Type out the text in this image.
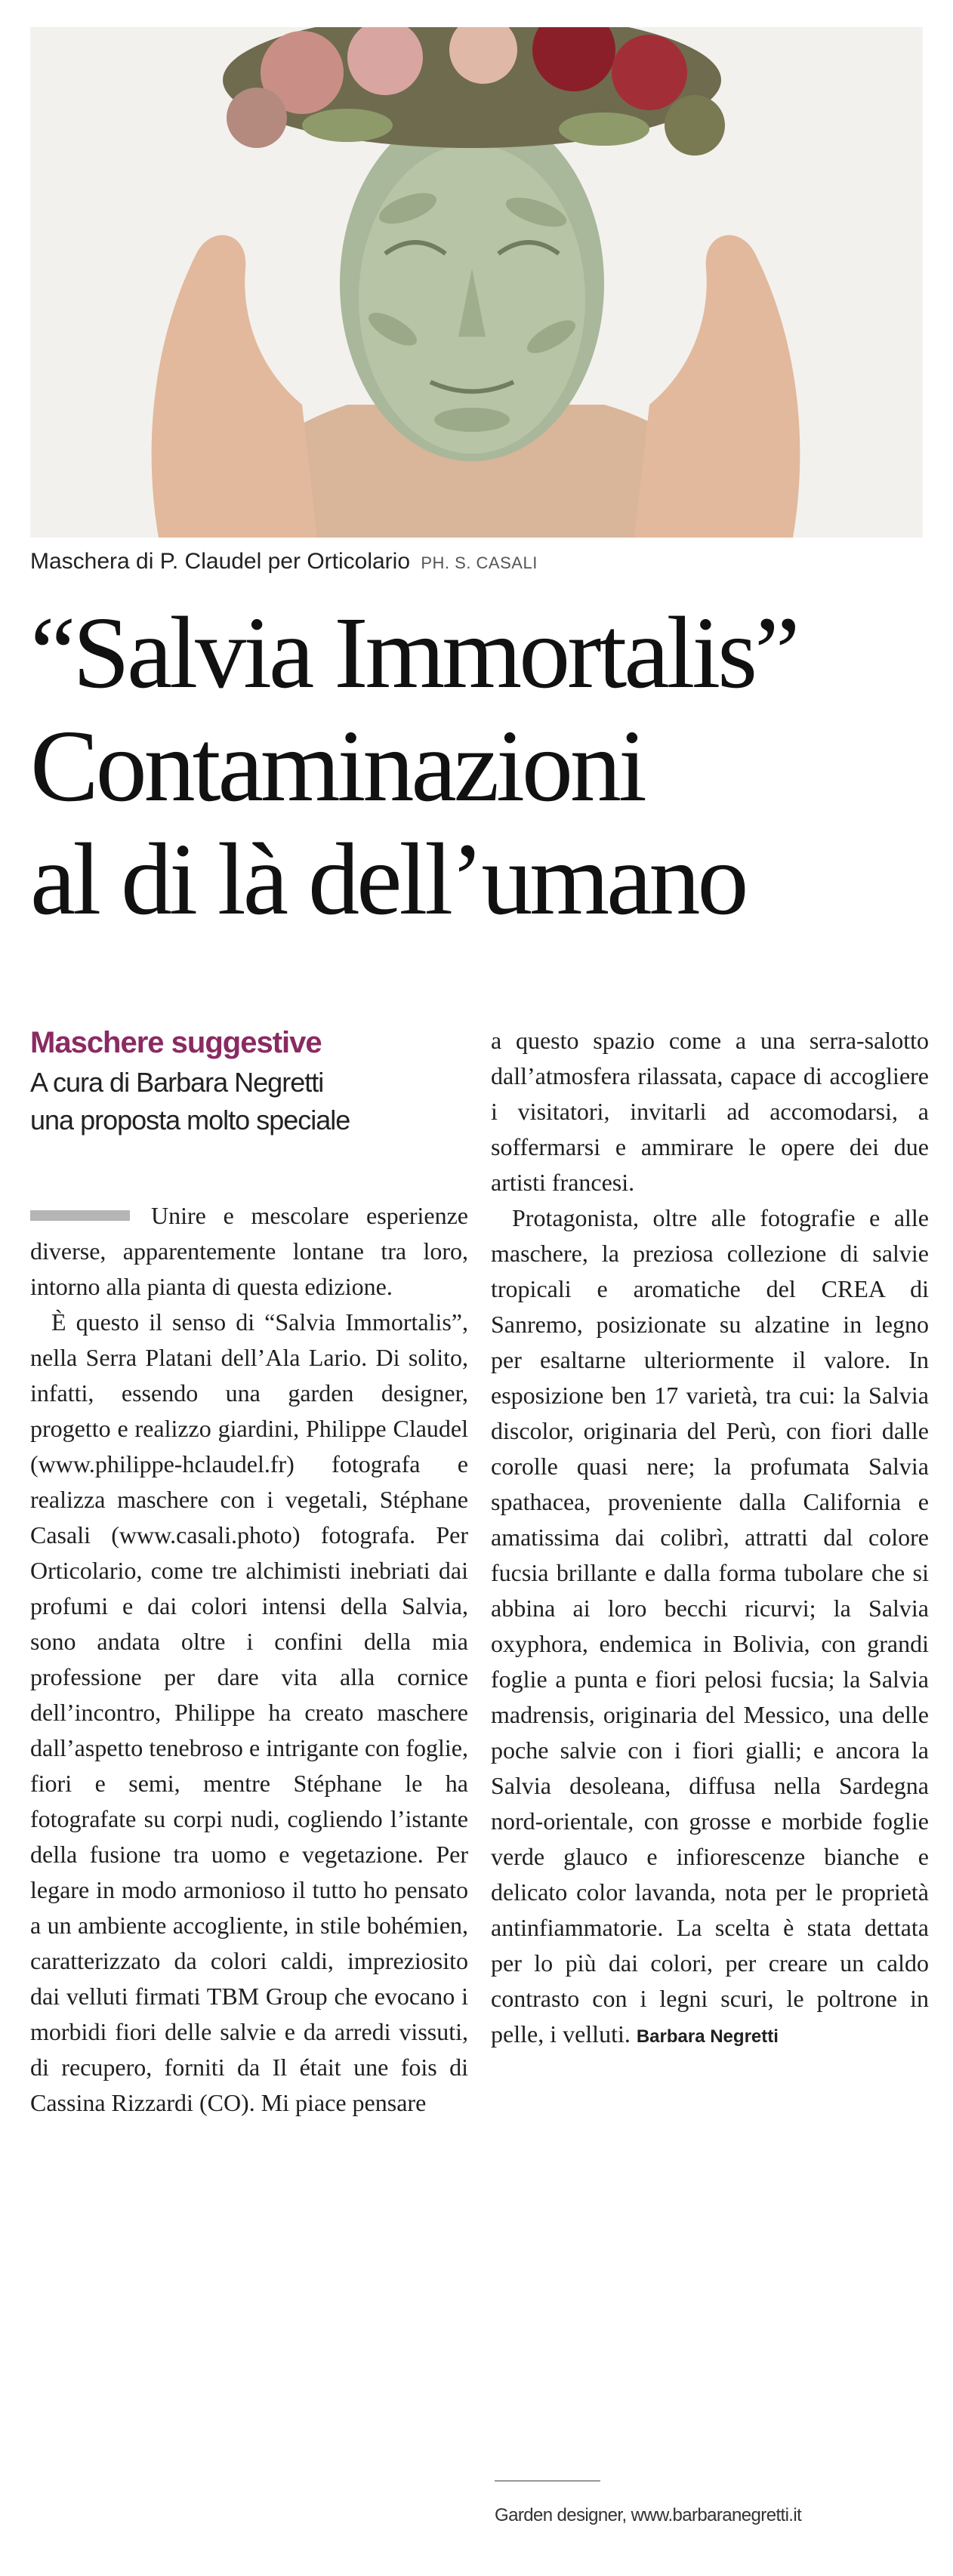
Maschera di P. Claudel per Orticolario PH. S. CASALI
“Salvia Immortalis”
Contaminazioni
al di là dell’umano
Maschere suggestive
A cura di Barbara Negretti
una proposta molto speciale

Unire e mescolare esperienze diverse, apparentemente lontane tra loro, intorno alla pianta di questa edizione.

È questo il senso di “Salvia Immortalis”, nella Serra Platani dell’Ala Lario. Di solito, infatti, essendo una garden designer, progetto e realizzo giardini, Philippe Claudel (www.philippe-hclaudel.fr) fotografa e realizza maschere con i vegetali, Stéphane Casali (www.casali.photo) fotografa. Per Orticolario, come tre alchimisti inebriati dai profumi e dai colori intensi della Salvia, sono andata oltre i confini della mia professione per dare vita alla cornice dell’incontro, Philippe ha creato maschere dall’aspetto tenebroso e intrigante con foglie, fiori e semi, mentre Stéphane le ha fotografate su corpi nudi, cogliendo l’istante della fusione tra uomo e vegetazione. Per legare in modo armonioso il tutto ho pensato a un ambiente accogliente, in stile bohémien, caratterizzato da colori caldi, impreziosito dai velluti firmati TBM Group che evocano i morbidi fiori delle salvie e da arredi vissuti, di recupero, forniti da Il était une fois di Cassina Rizzardi (CO). Mi piace pensare

a questo spazio come a una serra-salotto dall’atmosfera rilassata, capace di accogliere i visitatori, invitarli ad accomodarsi, a soffermarsi e ammirare le opere dei due artisti francesi.

Protagonista, oltre alle fotografie e alle maschere, la preziosa collezione di salvie tropicali e aromatiche del CREA di Sanremo, posizionate su alzatine in legno per esaltarne ulteriormente il valore. In esposizione ben 17 varietà, tra cui: la Salvia discolor, originaria del Perù, con fiori dalle corolle quasi nere; la profumata Salvia spathacea, proveniente dalla California e amatissima dai colibrì, attratti dal colore fucsia brillante e dalla forma tubolare che si abbina ai loro becchi ricurvi; la Salvia oxyphora, endemica in Bolivia, con grandi foglie a punta e fiori pelosi fucsia; la Salvia madrensis, originaria del Messico, una delle poche salvie con i fiori gialli; e ancora la Salvia desoleana, diffusa nella Sardegna nord-orientale, con grosse e morbide foglie verde glauco e infiorescenze bianche e delicato color lavanda, nota per le proprietà antinfiammatorie. La scelta è stata dettata per lo più dai colori, per creare un caldo contrasto con i legni scuri, le poltrone in pelle, i velluti. Barbara Negretti

Garden designer, www.barbaranegretti.it
